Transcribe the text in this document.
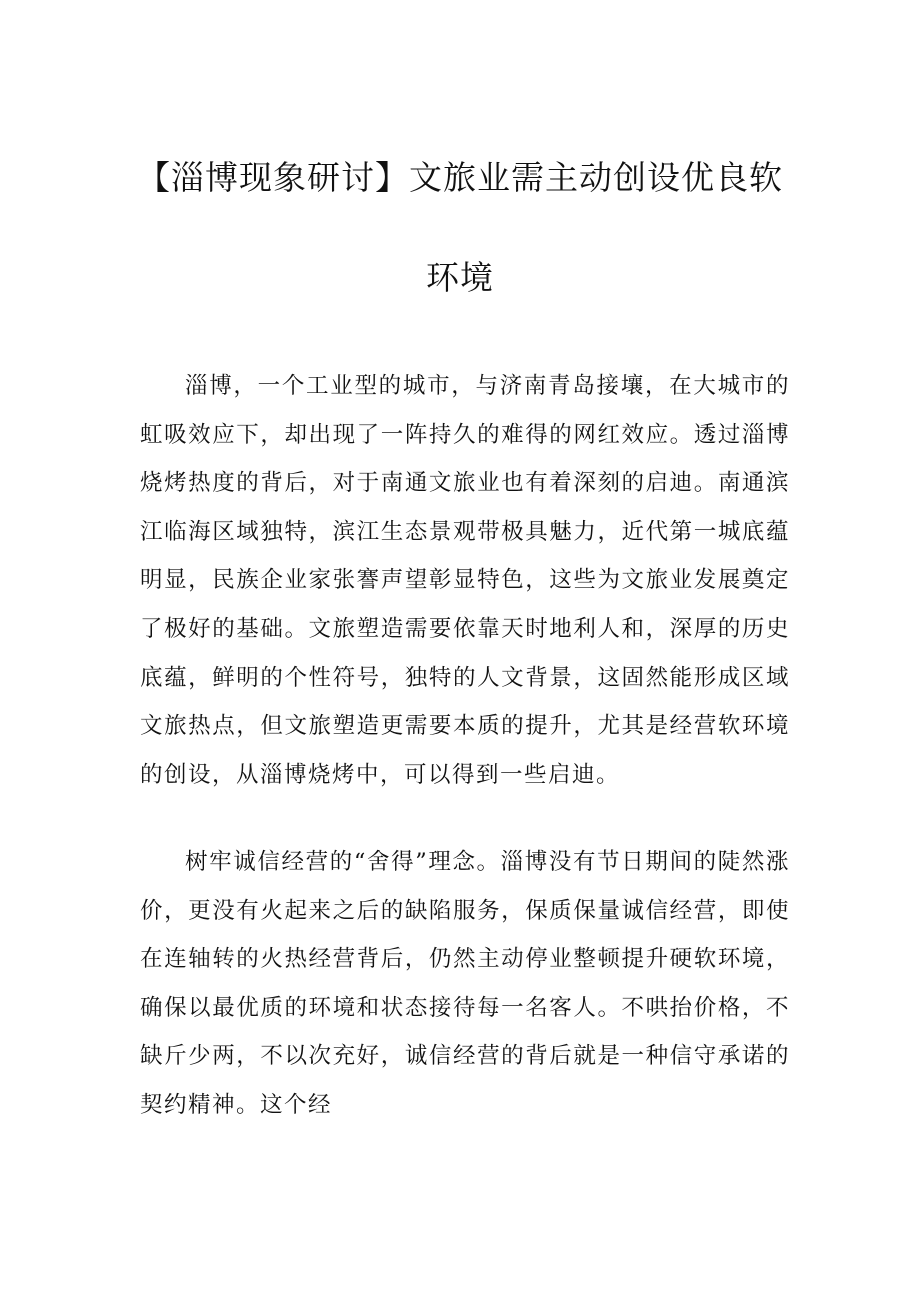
【淄博现象研讨】文旅业需主动创设优良软
环境

淄博，一个工业型的城市，与济南青岛接壤，在大城市的虹吸效应下，却出现了一阵持久的难得的网红效应。透过淄博烧烤热度的背后，对于南通文旅业也有着深刻的启迪。南通滨江临海区域独特，滨江生态景观带极具魅力，近代第一城底蕴明显，民族企业家张謇声望彰显特色，这些为文旅业发展奠定了极好的基础。文旅塑造需要依靠天时地利人和，深厚的历史底蕴，鲜明的个性符号，独特的人文背景，这固然能形成区域文旅热点，但文旅塑造更需要本质的提升，尤其是经营软环境的创设，从淄博烧烤中，可以得到一些启迪。

树牢诚信经营的“舍得”理念。淄博没有节日期间的陡然涨价，更没有火起来之后的缺陷服务，保质保量诚信经营，即使在连轴转的火热经营背后，仍然主动停业整顿提升硬软环境，确保以最优质的环境和状态接待每一名客人。不哄抬价格，不缺斤少两，不以次充好，诚信经营的背后就是一种信守承诺的契约精神。这个经
